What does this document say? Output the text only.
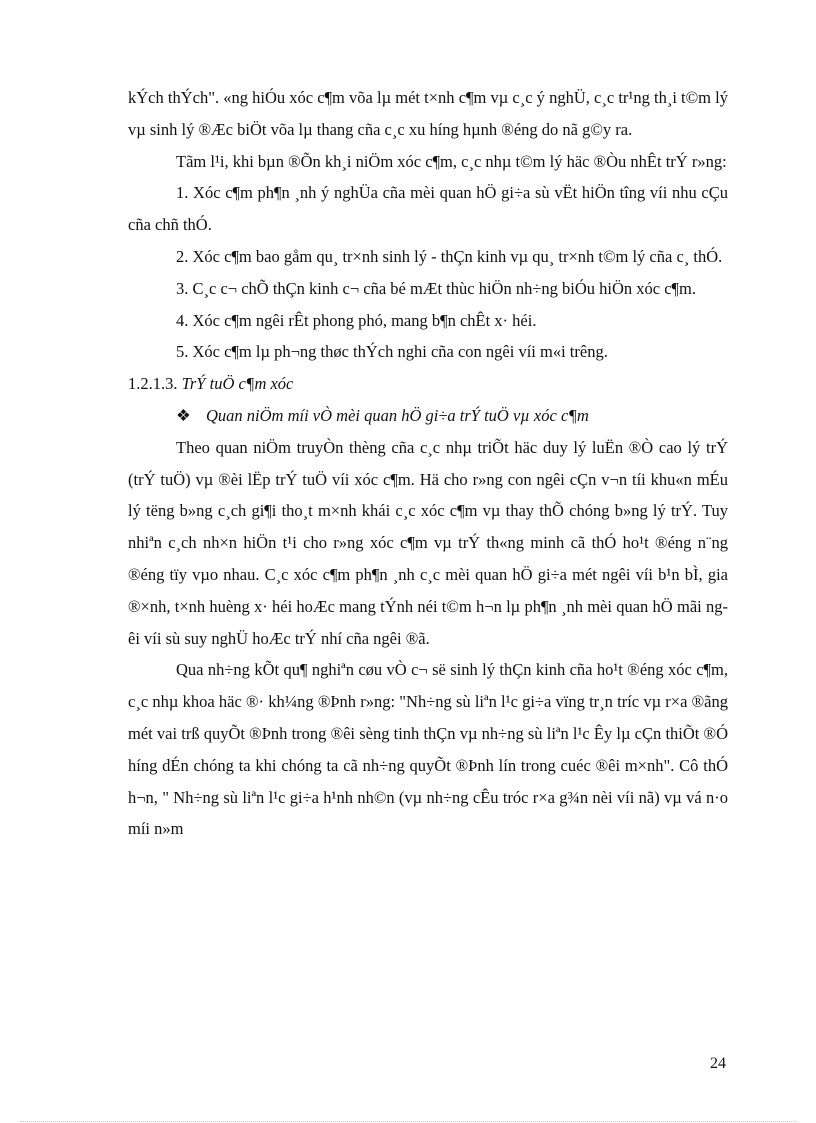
kÝch thÝch". «ng hiÓu xóc c¶m võa lµ mét t×nh c¶m vµ c¸c ý nghÜ, c¸c tr¹ng th¸i t©m lý vµ sinh lý ®Æc biÖt võa lµ thang cña c¸c xu híng hµnh ®éng do nã g©y ra.

Tãm l¹i, khi bµn ®Õn kh¸i niÖm xóc c¶m, c¸c nhµ t©m lý häc ®Òu nhÊt trÝ r»ng:

1. Xóc c¶m ph¶n ¸nh ý nghÜa cña mèi quan hÖ gi÷a sù vËt hiÖn tîng víi nhu cÇu cña chñ thÓ.

2. Xóc c¶m bao gåm qu¸ tr×nh sinh lý - thÇn kinh vµ qu¸ tr×nh t©m lý cña c¸ thÓ.

3. C¸c c¬ chÕ thÇn kinh c¬ cña bé mÆt thùc hiÖn nh÷ng biÓu hiÖn xóc c¶m.

4. Xóc c¶m ngêi rÊt phong phó, mang b¶n chÊt x· héi.

5. Xóc c¶m lµ ph¬ng thøc thÝch nghi cña con ngêi víi m«i trêng.

1.2.1.3. TrÝ tuÖ c¶m xóc

❖ Quan niÖm míi vÒ mèi quan hÖ gi÷a trÝ tuÖ vµ xóc c¶m

Theo quan niÖm truyÒn thèng cña c¸c nhµ triÕt häc duy lý luËn ®Ò cao lý trÝ (trÝ tuÖ) vµ ®èi lËp trÝ tuÖ víi xóc c¶m. Hä cho r»ng con ngêi cÇn v¬n tíi khu«n mÉu lý tëng b»ng c¸ch gi¶i tho¸t m×nh khái c¸c xóc c¶m vµ thay thÕ chóng b»ng lý trÝ. Tuy nhiªn c¸ch nh×n hiÖn t¹i cho r»ng xóc c¶m vµ trÝ th«ng minh cã thÓ ho¹t ®éng n¨ng ®éng tïy vµo nhau. C¸c xóc c¶m ph¶n ¸nh c¸c mèi quan hÖ gi÷a mét ngêi víi b¹n bÌ, gia ®×nh, t×nh huèng x· héi hoÆc mang tÝnh néi t©m h¬n lµ ph¶n ¸nh mèi quan hÖ mãi ngêi víi sù suy nghÜ hoÆc trÝ nhí cña ngêi ®ã.

Qua nh÷ng kÕt qu¶ nghiªn cøu vÒ c¬ së sinh lý thÇn kinh cña ho¹t ®éng xóc c¶m, c¸c nhµ khoa häc ®· kh¼ng ®Þnh r»ng: "Nh÷ng sù liªn l¹c gi÷a vïng tr¸n tríc vµ r×a ®ãng mét vai trß quyÕt ®Þnh trong ®êi sèng tinh thÇn vµ nh÷ng sù liªn l¹c Êy lµ cÇn thiÕt ®Ó híng dÉn chóng ta khi chóng ta cã nh÷ng quyÕt ®Þnh lín trong cuéc ®êi m×nh". Cô thÓ h¬n, " Nh÷ng sù liªn l¹c gi÷a h¹nh nh©n (vµ nh÷ng cÊu tróc r×a g¾n nèi víi nã) vµ vá n·o míi n»m

24
